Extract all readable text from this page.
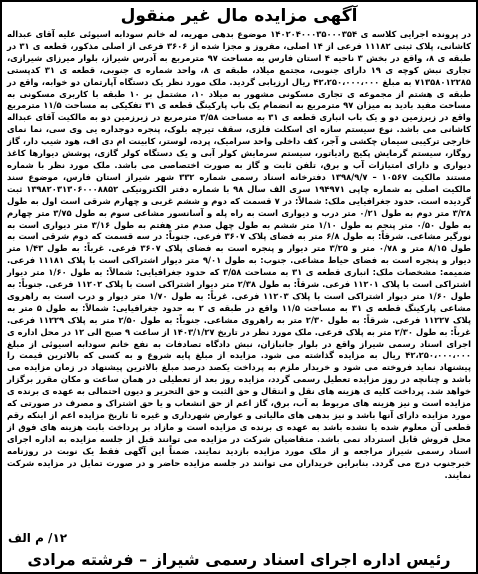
آگهی مزایده مال غیر منقول
در پرونده اجرایی کلاسه ی ۱۴۰۲۰۴۰۰۰۳۵۰۰۰۳۵۴ موضوع بدهی مهریه، له خانم سودابه اسیوئی علیه آقای عبداله کاشانی، پلاک ثبتی ۱۱۱۸۲ فرعی از ۱۴ اصلی، مفروز و مجزا شده از ۳۶۰۶ فرعی از اصلی مذکور، قطعه ی ۳۱ در طبقه ی ۸، واقع در بخش ۳ ناحیه ۴ استان فارس به مساحت ۹۷ مترمربع به آدرس شیراز، بلوار میرزای شیرازی، تجاری نبش کوچه ی ۱۹ دارای جنوبی، مجتمع میلاد، طبقه ی ۸، واحد شماره ی جنوبی، قطعه ی ۳۱ کدپستی ۷۱۳۵۸۰۱۲۲۸۵ به مبلغ ۴۲،۲۵۰،۰۰۰،۰۰۰ ریال ارزیابی گردید. ملک مورد نظر یک دستگاه آپارتمان دو خوابه، واقع در طبقه ی هشتم از مجموعه ی تجاری مسکونی مشهور به میلاد ۱۰، مشتمل بر ۱۰ طبقه با کاربری مسکونی به مساحت مفید بادید به میزان ۹۷ مترمربع به انضمام یک باب پارکینگ قطعه ی ۳۱ تفکیکی به مساحت ۱۱/۵ مترمربع واقع در زیرزمین دو و یک باب انباری قطعه ی ۳۱ به مساحت ۳/۵۸ مترمربع در زیرزمین دو به مالکیت آقای عبداله کاشانی می باشد. نوع سیستم سازه ای اسکلت فلزی، سقف تیرچه بلوک، پنجره دوجداره یی وی سی، نما نمای خارجی ترکیبی سیمان چکشی و آجر، کف داخلی واحد سرامیک، پرده، لوستر، کابینت ام دی اف، هود شیب دار، گاز روگار، سیستم گرمایش پکیج رادیاتور، سیستم سرمایش کولر آبی و یک دستگاه کولر گازی، پوشش دیوارها کاغذ دیواری و دارای امتیازات آب و برق، تلفن ثابت و گاز به صورت اختصاصی می باشد. ملک مورد نظر با شماره مستند مالکیت ۱۰۵۶۷ – ۱۳۹۸/۹/۷ دفترخانه اسناد رسمی شماره ۳۳۲ شهر شیراز استان فارس، موضوع سند مالکیت اصلی به شماره چاپی ۱۹۴۹۷۱ سری الف سال ۹۸ با شماره دفتر الکترونیکی ۱۳۹۸۲۰۳۱۳۰۶۰۰۰۸۸۵۲ ثبت گردیده است. حدود جغرافیایی ملک: شمالاً: در ۷ قسمت که دوم و ششم غربی و چهارم شرقی است اول به طول ۳/۲۸ متر دوم به طول ۰/۲۱ متر درب و دیواری است به راه پله و آسانسور مشاعی سوم به طول ۳/۷۵ متر چهارم به طول ۰/۵۰ متر پنجم به طول ۱/۱۰ متر ششم به طول چهل صدم متر هفتم به طول ۳/۱۶ متر دیواری است به نورگیر مشاعی. شرقاً: به طول ۶/۸ متر به فضای پلاک ۳۶۰۷ فرعی. جنوباً: در سه قسمت که دوم شرقی است به طول ۸/۱۵ متر و ۰/۷۸ متر و ۳/۲۵ متر دیوار و پنجره است به فضای پلاک ۳۶۰۷ فرعی. غرباً: به طول ۱/۴۳ متر دیوار و پنجره است به فضای حیاط مشاعی. جنوب: به طول ۹/۰۱ متر دیوار اشتراکی است با پلاک ۱۱۱۸۱ فرعی. ضمیمه: مشخصات ملک: انباری قطعه ی ۳۱ به مساحت ۳/۵۸ که حدود جغرافیایی: شمالاً: به طول ۱/۶۰ متر دیوار اشتراکی است با پلاک ۱۱۲۰۱ فرعی. شرقاً: به طول ۲/۳۸ متر دیوار اشتراکی است با پلاک ۱۱۲۰۲ فرعی. جنوباً: به طول ۱/۶۰ متر دیوار اشتراکی است با پلاک ۱۱۲۰۳ فرعی. غرباً: به طول ۱/۷۰ متر دیوار و درب است به راهروی مشاعی پارکینگ قطعه ی ۳۱ به مساحت ۱۱/۵ واقع در طبقه ی ۲ به حدود جغرافیایی: شمالاً: به طول ۵ متر به پلاک ۱۱۲۲۷ فرعی. شرقاً: به طول ۲/۳۰ متر به راهروی مشاعی. جنوباً: به طول ۲/۵۰ متر به پلاک ۱۱۲۲۹ فرعی. غرباً: به طول ۲/۳۰ متر به پلاک فرعی. ملک مورد نظر در تاریخ ۱۴۰۳/۱/۲۷ از ساعت ۹ صبح الی ۱۲ در محل اداره ی اجرای اسناد رسمی شیراز واقع در بلوار جانبازان، نبش دادگاه تصادفات به نفع خانم سودابه اسیوئی از مبلغ ۴۲،۲۵۰،۰۰۰،۰۰۰ ریال به مزایده گذاشته می شود. مزایده از مبلغ پایه شروع و به کسی که بالاترین قیمت را پیشنهاد نماید فروخته می شود و خریدار ملزم به پرداخت یکصد درصد مبلغ بالاترین پیشنهاد در زمان مزایده می باشد و چنانچه در روز مزایده تعطیل رسمی گردد، مزایده روز بعد از تعطیلی در همان ساعت و مکان مقرر برگزار خواهد شد. پرداخت کلیه ی هزینه های نقل و انتقال و حق الثبت و حق التحریر و دیون احتمالی به عهده ی برنده ی مزایده است و نیز هزینه های مربوط به آب، برق، گاز اعم از حق انشعاب و یا حق اشتراک و مصرف در صورتی که مورد مزایده دارای آنها باشد و نیز بدهی های مالیاتی و عوارض شهرداری و غیره تا تاریخ مزایده اعم از اینکه رقم قطعی آن معلوم شده یا نشده باشد به عهده ی برنده ی مزایده است و مازاد بر پرداخت بابت هزینه های فوق از محل فروش قابل استرداد نمی باشد. متقاضیان شرکت در مزایده می توانند قبل از جلسه مزایده به اداره اجرای اسناد رسمی شیراز مراجعه و از ملک مورد مزایده بازدید نمایند. ضمناً این آگهی فقط یک نوبت در روزنامه خبرجنوب درج می گردد. بنابراین خریداران می توانند در جلسه مزایده حاضر و در صورت تمایل در مزایده شرکت نمایند.
۱۲/ م الف
رئیس اداره اجرای اسناد رسمی شیراز – فرشته مرادی
